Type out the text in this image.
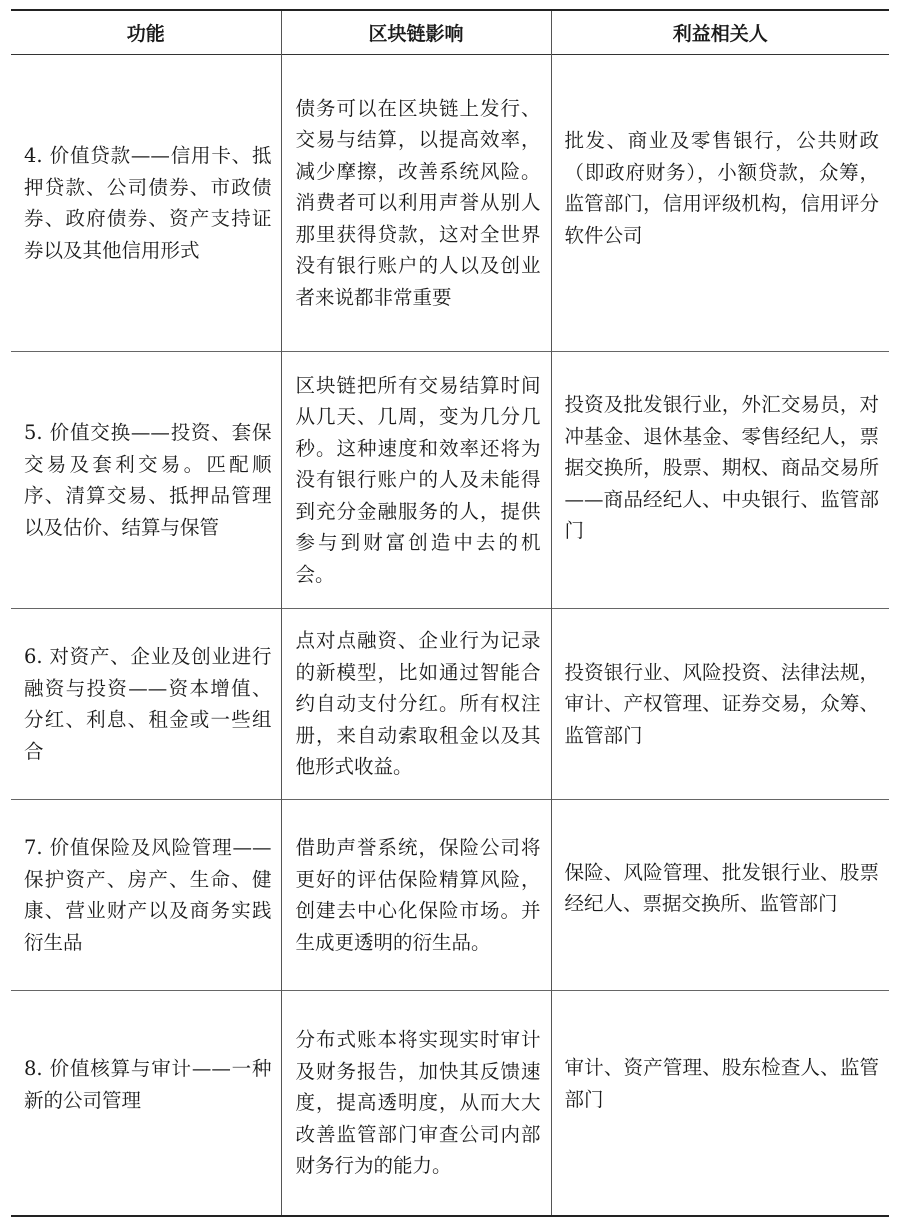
功能	区块链影响	利益相关人
4. 价值贷款——信用卡、抵押贷款、公司债券、市政债券、政府债券、资产支持证券以及其他信用形式	债务可以在区块链上发行、交易与结算，以提高效率，减少摩擦，改善系统风险。消费者可以利用声誉从别人那里获得贷款，这对全世界没有银行账户的人以及创业者来说都非常重要	批发、商业及零售银行，公共财政（即政府财务），小额贷款，众筹，监管部门，信用评级机构，信用评分软件公司
5. 价值交换——投资、套保交易及套利交易。匹配顺序、清算交易、抵押品管理以及估价、结算与保管	区块链把所有交易结算时间从几天、几周，变为几分几秒。这种速度和效率还将为没有银行账户的人及未能得到充分金融服务的人，提供参与到财富创造中去的机会。	投资及批发银行业，外汇交易员，对冲基金、退休基金、零售经纪人，票据交换所，股票、期权、商品交易所——商品经纪人、中央银行、监管部门
6. 对资产、企业及创业进行融资与投资——资本增值、分红、利息、租金或一些组合	点对点融资、企业行为记录的新模型，比如通过智能合约自动支付分红。所有权注册，来自动索取租金以及其他形式收益。	投资银行业、风险投资、法律法规，审计、产权管理、证券交易，众筹、监管部门
7. 价值保险及风险管理——保护资产、房产、生命、健康、营业财产以及商务实践衍生品	借助声誉系统，保险公司将更好的评估保险精算风险，创建去中心化保险市场。并生成更透明的衍生品。	保险、风险管理、批发银行业、股票经纪人、票据交换所、监管部门
8. 价值核算与审计——一种新的公司管理	分布式账本将实现实时审计及财务报告，加快其反馈速度，提高透明度，从而大大改善监管部门审查公司内部财务行为的能力。	审计、资产管理、股东检查人、监管部门
